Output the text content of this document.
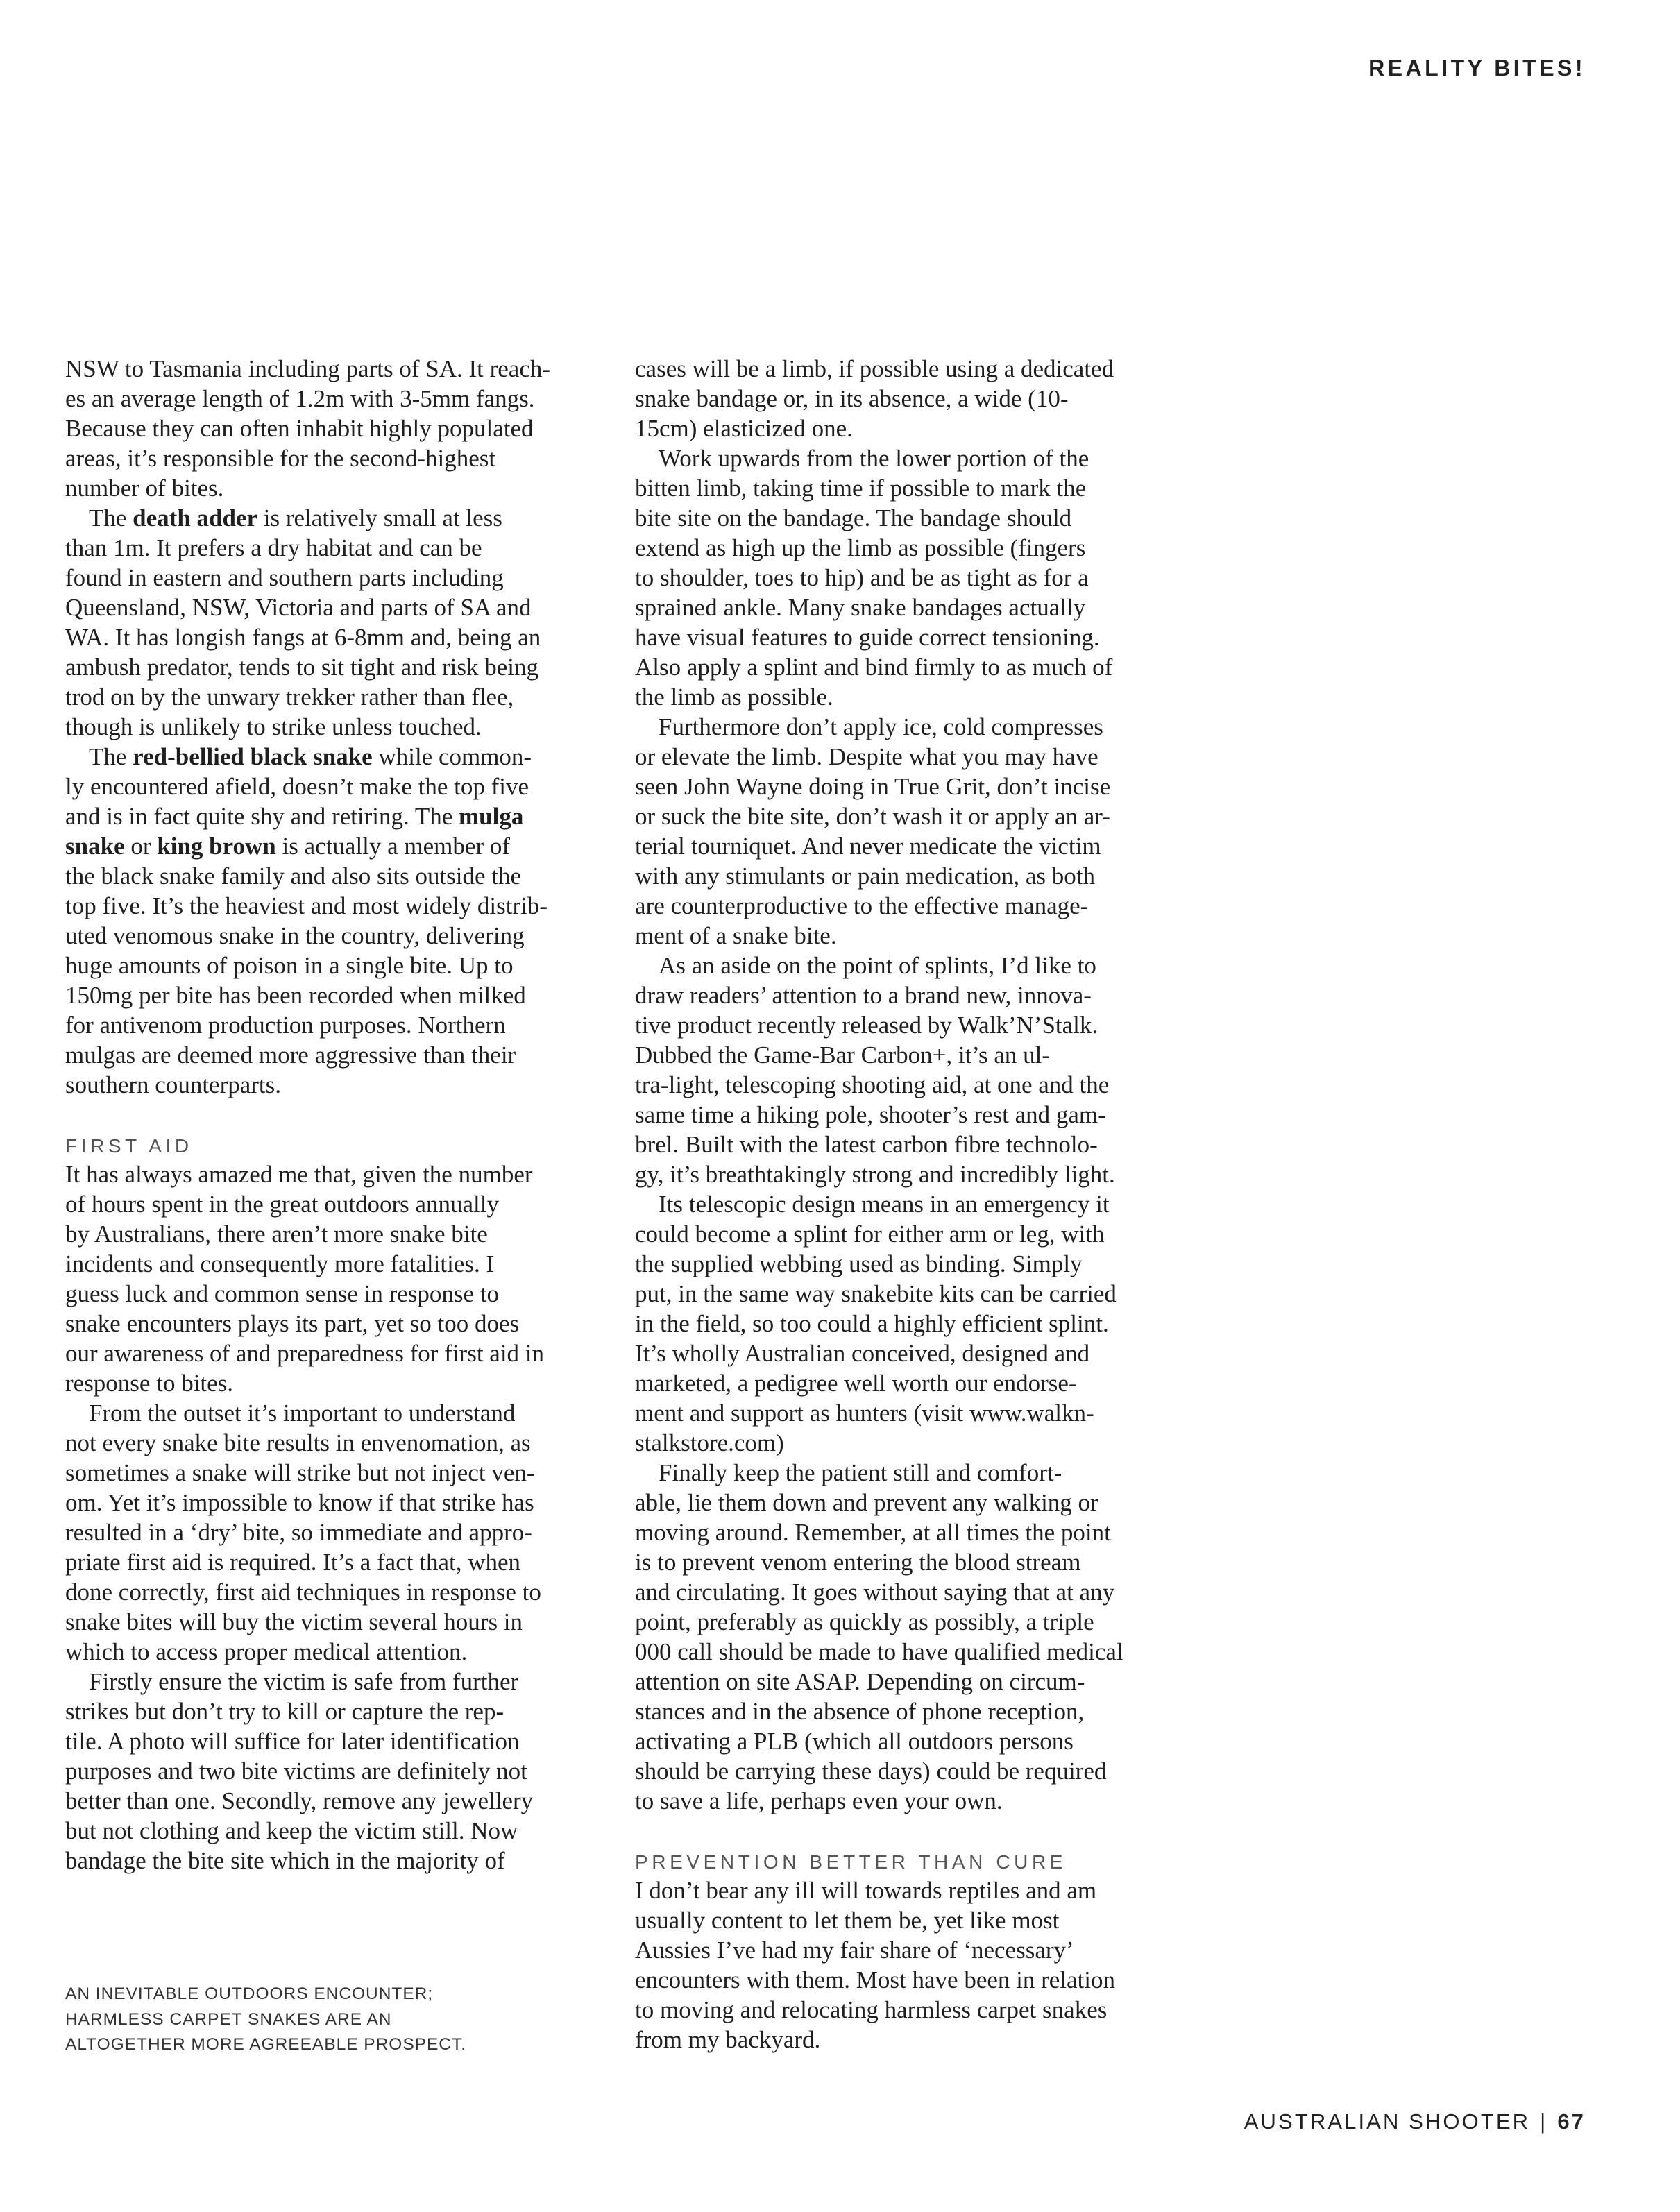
REALITY BITES!
NSW to Tasmania including parts of SA. It reach-
es an average length of 1.2m with 3-5mm fangs.
Because they can often inhabit highly populated
areas, it’s responsible for the second-highest
number of bites.
The death adder is relatively small at less
than 1m. It prefers a dry habitat and can be
found in eastern and southern parts including
Queensland, NSW, Victoria and parts of SA and
WA. It has longish fangs at 6-8mm and, being an
ambush predator, tends to sit tight and risk being
trod on by the unwary trekker rather than flee,
though is unlikely to strike unless touched.
The red-bellied black snake while common-
ly encountered afield, doesn’t make the top five
and is in fact quite shy and retiring. The mulga
snake or king brown is actually a member of
the black snake family and also sits outside the
top five. It’s the heaviest and most widely distrib-
uted venomous snake in the country, delivering
huge amounts of poison in a single bite. Up to
150mg per bite has been recorded when milked
for antivenom production purposes. Northern
mulgas are deemed more aggressive than their
southern counterparts.

FIRST AID
It has always amazed me that, given the number
of hours spent in the great outdoors annually
by Australians, there aren’t more snake bite
incidents and consequently more fatalities. I
guess luck and common sense in response to
snake encounters plays its part, yet so too does
our awareness of and preparedness for first aid in
response to bites.
From the outset it’s important to understand
not every snake bite results in envenomation, as
sometimes a snake will strike but not inject ven-
om. Yet it’s impossible to know if that strike has
resulted in a ‘dry’ bite, so immediate and appro-
priate first aid is required. It’s a fact that, when
done correctly, first aid techniques in response to
snake bites will buy the victim several hours in
which to access proper medical attention.
Firstly ensure the victim is safe from further
strikes but don’t try to kill or capture the rep-
tile. A photo will suffice for later identification
purposes and two bite victims are definitely not
better than one. Secondly, remove any jewellery
but not clothing and keep the victim still. Now
bandage the bite site which in the majority of
cases will be a limb, if possible using a dedicated
snake bandage or, in its absence, a wide (10-
15cm) elasticized one.
Work upwards from the lower portion of the
bitten limb, taking time if possible to mark the
bite site on the bandage. The bandage should
extend as high up the limb as possible (fingers
to shoulder, toes to hip) and be as tight as for a
sprained ankle. Many snake bandages actually
have visual features to guide correct tensioning.
Also apply a splint and bind firmly to as much of
the limb as possible.
Furthermore don’t apply ice, cold compresses
or elevate the limb. Despite what you may have
seen John Wayne doing in True Grit, don’t incise
or suck the bite site, don’t wash it or apply an ar-
terial tourniquet. And never medicate the victim
with any stimulants or pain medication, as both
are counterproductive to the effective manage-
ment of a snake bite.
As an aside on the point of splints, I’d like to
draw readers’ attention to a brand new, innova-
tive product recently released by Walk’N’Stalk.
Dubbed the Game-Bar Carbon+, it’s an ul-
tra-light, telescoping shooting aid, at one and the
same time a hiking pole, shooter’s rest and gam-
brel. Built with the latest carbon fibre technolo-
gy, it’s breathtakingly strong and incredibly light.
Its telescopic design means in an emergency it
could become a splint for either arm or leg, with
the supplied webbing used as binding. Simply
put, in the same way snakebite kits can be carried
in the field, so too could a highly efficient splint.
It’s wholly Australian conceived, designed and
marketed, a pedigree well worth our endorse-
ment and support as hunters (visit www.walkn-
stalkstore.com)
Finally keep the patient still and comfort-
able, lie them down and prevent any walking or
moving around. Remember, at all times the point
is to prevent venom entering the blood stream
and circulating. It goes without saying that at any
point, preferably as quickly as possibly, a triple
000 call should be made to have qualified medical
attention on site ASAP. Depending on circum-
stances and in the absence of phone reception,
activating a PLB (which all outdoors persons
should be carrying these days) could be required
to save a life, perhaps even your own.

PREVENTION BETTER THAN CURE
I don’t bear any ill will towards reptiles and am
usually content to let them be, yet like most
Aussies I’ve had my fair share of ‘necessary’
encounters with them. Most have been in relation
to moving and relocating harmless carpet snakes
from my backyard.
AN INEVITABLE OUTDOORS ENCOUNTER;
HARMLESS CARPET SNAKES ARE AN
ALTOGETHER MORE AGREEABLE PROSPECT.
AUSTRALIAN SHOOTER | 67
